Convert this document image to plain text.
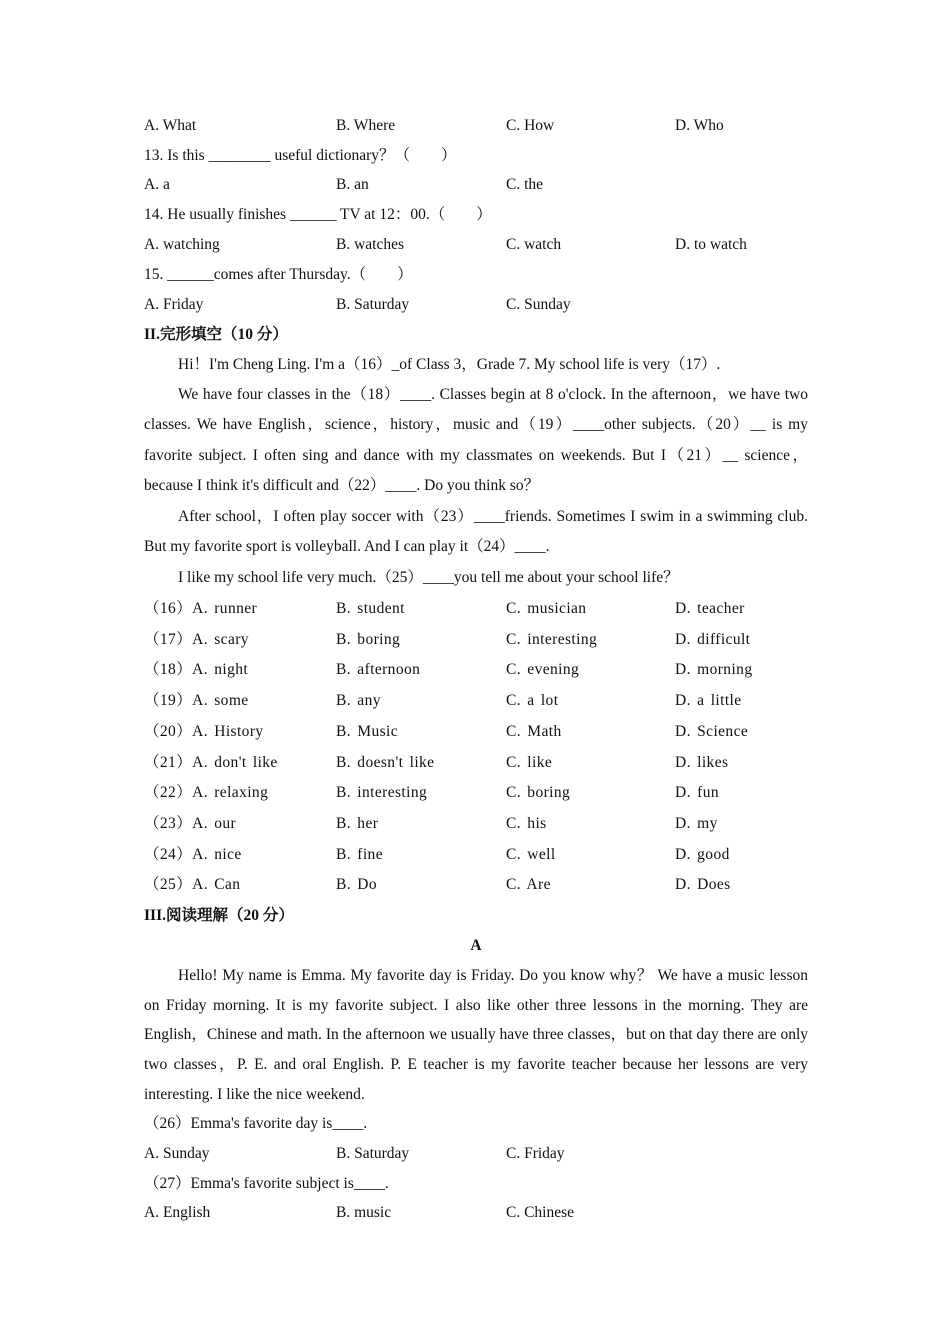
A. What	B. Where	C. How	D. Who
13. Is this ________ useful dictionary？（　　）
A. a	B. an	C. the
14. He usually finishes ______ TV at 12：00.（　　）
A. watching	B. watches	C. watch	D. to watch
15. ______comes after Thursday.（　　）
A. Friday	B. Saturday	C. Sunday
II.完形填空（10 分）
Hi！I'm Cheng Ling. I'm a（16）_of Class 3，Grade 7. My school life is very（17）.
We have four classes in the（18）____. Classes begin at 8 o'clock. In the afternoon，we have two classes. We have English，science，history，music and（19）____other subjects.（20）__ is my favorite subject. I often sing and dance with my classmates on weekends. But I（21）__ science，because I think it's difficult and（22）____. Do you think so？
After school，I often play soccer with（23）____friends. Sometimes I swim in a swimming club. But my favorite sport is volleyball. And I can play it（24）____.
I like my school life very much.（25）____you tell me about your school life？
（16）A. runner	B. student	C. musician	D. teacher
（17）A. scary	B. boring	C. interesting	D. difficult
（18）A. night	B. afternoon	C. evening	D. morning
（19）A. some	B. any	C. a lot	D. a little
（20）A. History	B. Music	C. Math	D. Science
（21）A. don't like	B. doesn't like	C. like	D. likes
（22）A. relaxing	B. interesting	C. boring	D. fun
（23）A. our	B. her	C. his	D. my
（24）A. nice	B. fine	C. well	D. good
（25）A. Can	B. Do	C. Are	D. Does
III.阅读理解（20 分）
A
Hello! My name is Emma. My favorite day is Friday. Do you know why？ We have a music lesson on Friday morning. It is my favorite subject. I also like other three lessons in the morning. They are English，Chinese and math. In the afternoon we usually have three classes，but on that day there are only two classes，P. E. and oral English. P. E teacher is my favorite teacher because her lessons are very interesting. I like the nice weekend.
（26）Emma's favorite day is____.
A. Sunday	B. Saturday	C. Friday
（27）Emma's favorite subject is____.
A. English	B. music	C. Chinese
